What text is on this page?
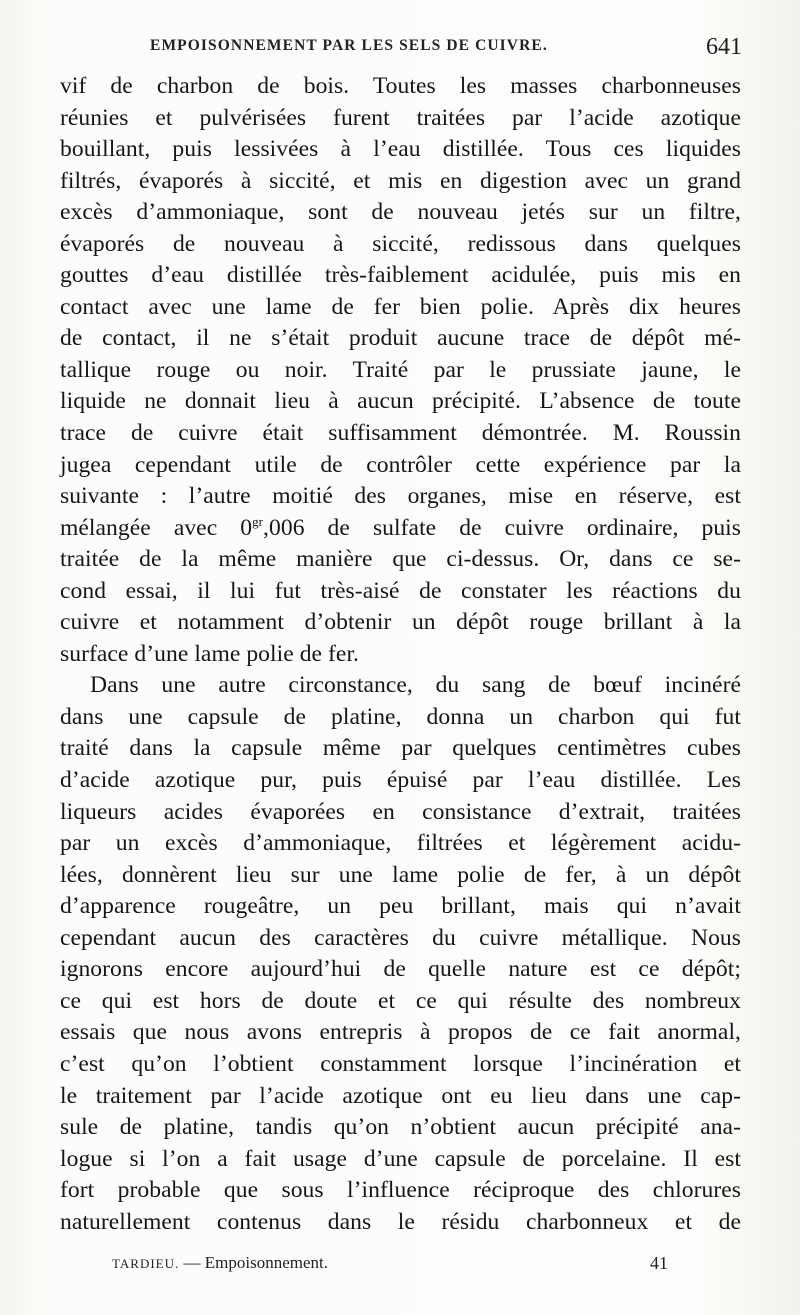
EMPOISONNEMENT PAR LES SELS DE CUIVRE.	641
vif de charbon de bois. Toutes les masses charbonneuses
réunies et pulvérisées furent traitées par l’acide azotique
bouillant, puis lessivées à l’eau distillée. Tous ces liquides
filtrés, évaporés à siccité, et mis en digestion avec un grand
excès d’ammoniaque, sont de nouveau jetés sur un filtre,
évaporés de nouveau à siccité, redissous dans quelques
gouttes d’eau distillée très-faiblement acidulée, puis mis en
contact avec une lame de fer bien polie. Après dix heures
de contact, il ne s’était produit aucune trace de dépôt mé-
tallique rouge ou noir. Traité par le prussiate jaune, le
liquide ne donnait lieu à aucun précipité. L’absence de toute
trace de cuivre était suffisamment démontrée. M. Roussin
jugea cependant utile de contrôler cette expérience par la
suivante : l’autre moitié des organes, mise en réserve, est
mélangée avec $0^{gr},006$ de sulfate de cuivre ordinaire, puis
traitée de la même manière que ci-dessus. Or, dans ce se-
cond essai, il lui fut très-aisé de constater les réactions du
cuivre et notamment d’obtenir un dépôt rouge brillant à la
surface d’une lame polie de fer.
Dans une autre circonstance, du sang de bœuf incinéré
dans une capsule de platine, donna un charbon qui fut
traité dans la capsule même par quelques centimètres cubes
d’acide azotique pur, puis épuisé par l’eau distillée. Les
liqueurs acides évaporées en consistance d’extrait, traitées
par un excès d’ammoniaque, filtrées et légèrement acidu-
lées, donnèrent lieu sur une lame polie de fer, à un dépôt
d’apparence rougeâtre, un peu brillant, mais qui n’avait
cependant aucun des caractères du cuivre métallique. Nous
ignorons encore aujourd’hui de quelle nature est ce dépôt;
ce qui est hors de doute et ce qui résulte des nombreux
essais que nous avons entrepris à propos de ce fait anormal,
c’est qu’on l’obtient constamment lorsque l’incinération et
le traitement par l’acide azotique ont eu lieu dans une cap-
sule de platine, tandis qu’on n’obtient aucun précipité ana-
logue si l’on a fait usage d’une capsule de porcelaine. Il est
fort probable que sous l’influence réciproque des chlorures
naturellement contenus dans le résidu charbonneux et de
TARDIEU. — Empoisonnement.	41
